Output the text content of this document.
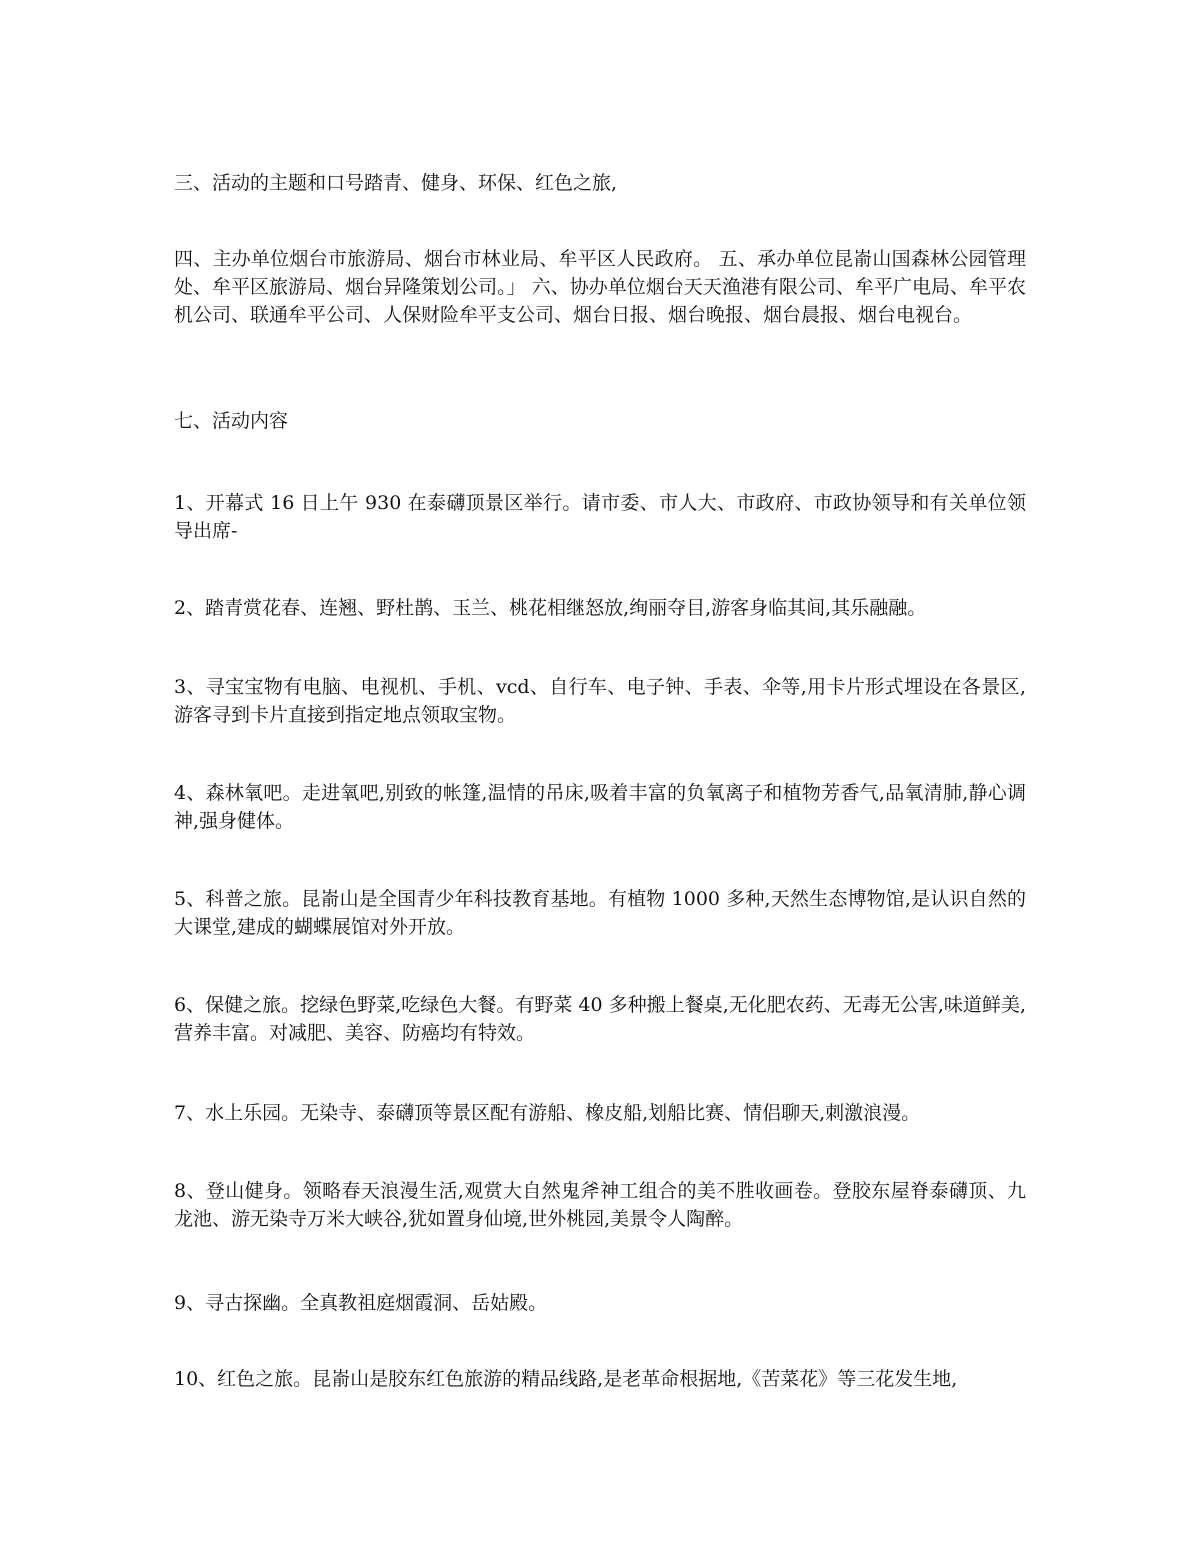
三、活动的主题和口号踏青、健身、环保、红色之旅,

四、主办单位烟台市旅游局、烟台市林业局、牟平区人民政府。 五、承办单位昆嵛山国森林公园管理处、牟平区旅游局、烟台异隆策划公司。」 六、协办单位烟台天天渔港有限公司、牟平广电局、牟平农机公司、联通牟平公司、人保财险牟平支公司、烟台日报、烟台晚报、烟台晨报、烟台电视台。

七、活动内容

1、开幕式 16 日上午 930 在泰礴顶景区举行。请市委、市人大、市政府、市政协领导和有关单位领导出席-

2、踏青赏花春、连翘、野杜鹊、玉兰、桃花相继怒放,绚丽夺目,游客身临其间,其乐融融。

3、寻宝宝物有电脑、电视机、手机、vcd、自行车、电子钟、手表、伞等,用卡片形式埋设在各景区,游客寻到卡片直接到指定地点领取宝物。

4、森林氧吧。走进氧吧,别致的帐篷,温情的吊床,吸着丰富的负氧离子和植物芳香气,品氧清肺,静心调神,强身健体。

5、科普之旅。昆嵛山是全国青少年科技教育基地。有植物 1000 多种,天然生态博物馆,是认识自然的大课堂,建成的蝴蝶展馆对外开放。

6、保健之旅。挖绿色野菜,吃绿色大餐。有野菜 40 多种搬上餐桌,无化肥农药、无毒无公害,味道鲜美,营养丰富。对减肥、美容、防癌均有特效。

7、水上乐园。无染寺、泰礴顶等景区配有游船、橡皮船,划船比赛、情侣聊天,刺激浪漫。

8、登山健身。领略春天浪漫生活,观赏大自然鬼斧神工组合的美不胜收画卷。登胶东屋脊泰礴顶、九龙池、游无染寺万米大峡谷,犹如置身仙境,世外桃园,美景令人陶醉。

9、寻古探幽。全真教祖庭烟霞洞、岳姑殿。

10、红色之旅。昆嵛山是胶东红色旅游的精品线路,是老革命根据地,《苦菜花》等三花发生地,
